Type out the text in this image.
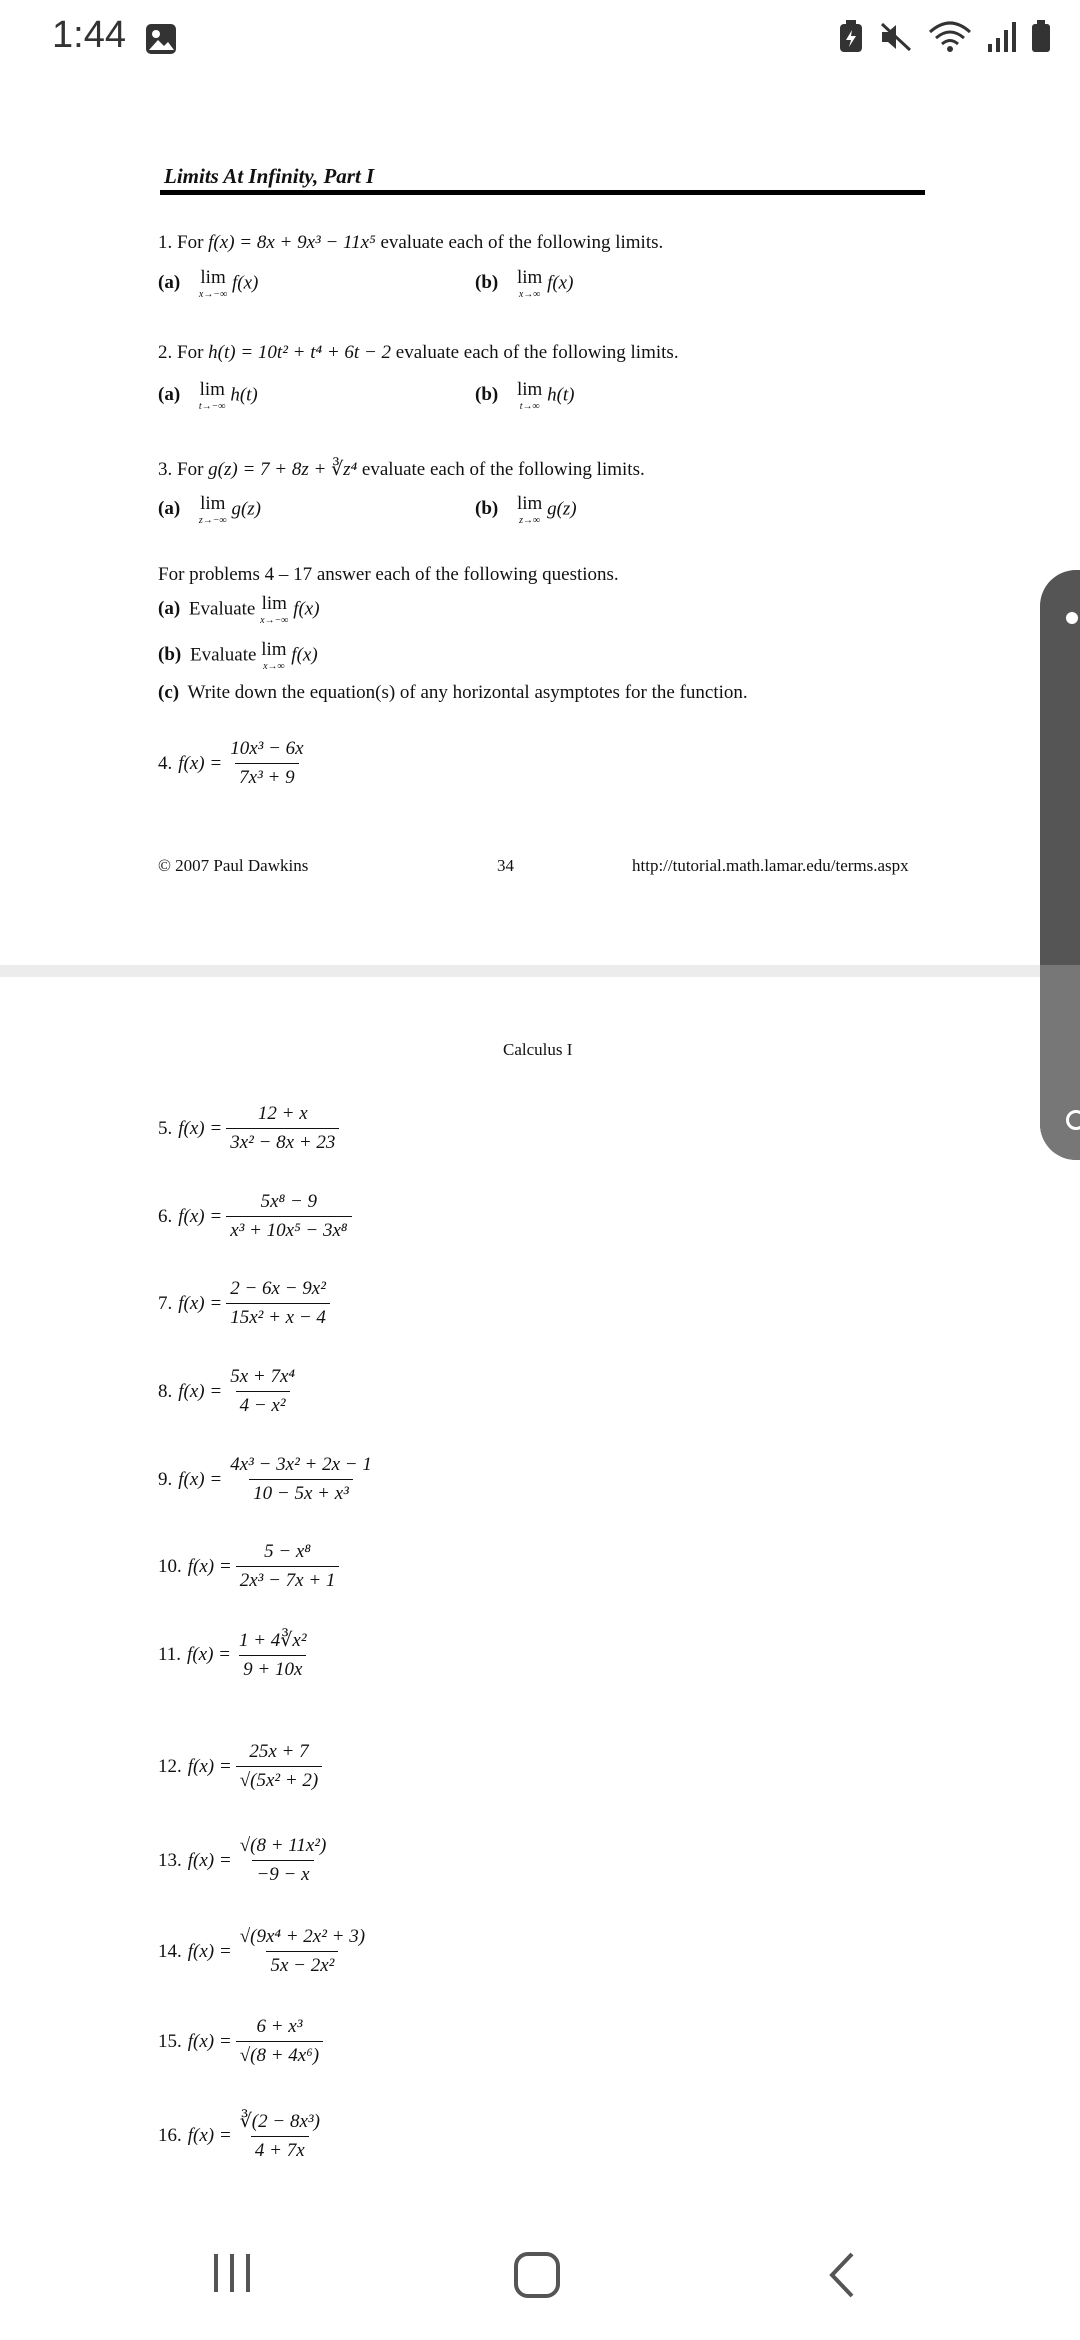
1:44
Limits At Infinity, Part I
1. For f(x) = 8x + 9x³ − 11x⁵ evaluate each of the following limits.
(a) lim
x→−∞
f(x)	(b) lim
x→∞
f(x)
2. For h(t) = 10t² + t⁴ + 6t − 2 evaluate each of the following limits.
(a) lim
t→−∞
h(t)	(b) lim
t→∞
h(t)
3. For g(z) = 7 + 8z + ∛z⁴ evaluate each of the following limits.
(a) lim
z→−∞
g(z)	(b) lim
z→∞
g(z)
For problems 4 – 17 answer each of the following questions.
(a) Evaluate lim
x→−∞
f(x)
(b) Evaluate lim
x→∞
f(x)
(c) Write down the equation(s) of any horizontal asymptotes for the function.
4. $f(x) = \frac{\text{10x³ − 6x}}{\text{7x³ + 9}}$
© 2007 Paul Dawkins	34	http://tutorial.math.lamar.edu/terms.aspx
Calculus I
5. $f(x) = \frac{12 + x}{\text{3x² − 8x + 23}}$
6. $f(x) = \frac{\text{5x⁸ − 9}}{\text{x³ + 10x⁵ − 3x⁸}}$
7. $f(x) = \frac{\text{2 − 6x − 9x²}}{\text{15x² + x − 4}}$
8. $f(x) = \frac{\text{5x + 7x⁴}}{\text{4 − x²}}$
9. $f(x) = \frac{\text{4x³ − 3x² + 2x − 1}}{\text{10 − 5x + x³}}$
10. $f(x) = \frac{\text{5 − x⁸}}{\text{2x³ − 7x + 1}}$
11. $f(x) = \frac{\text{1 + 4∛x²}}{9 + 10x}$
12. $f(x) = \frac{25x + 7}{\text{√(5x² + 2)}}$
13. $f(x) = \frac{\text{√(8 + 11x²)}}{-9 - x}$
14. $f(x) = \frac{\text{√(9x⁴ + 2x² + 3)}}{\text{5x − 2x²}}$
15. $f(x) = \frac{\text{6 + x³}}{\text{√(8 + 4x⁶)}}$
16. $f(x) = \frac{\text{∛(2 − 8x³)}}{4 + 7x}$
